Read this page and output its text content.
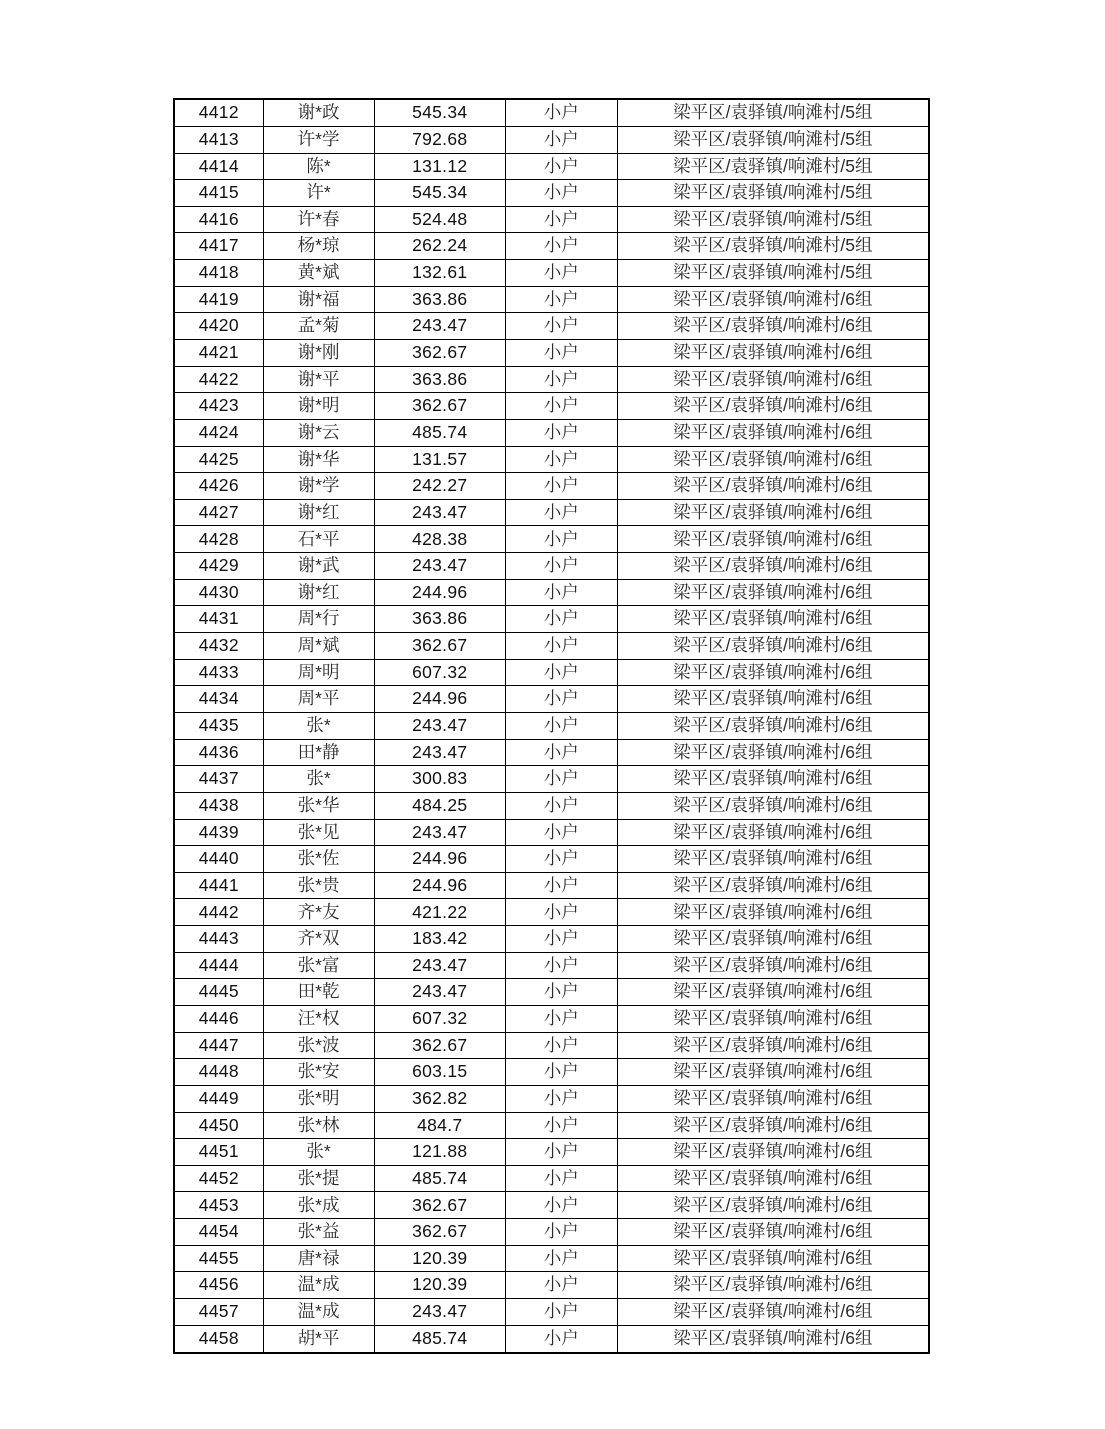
4412	谢*政	545.34	小户	梁平区/袁驿镇/响滩村/5组
4413	许*学	792.68	小户	梁平区/袁驿镇/响滩村/5组
4414	陈*	131.12	小户	梁平区/袁驿镇/响滩村/5组
4415	许*	545.34	小户	梁平区/袁驿镇/响滩村/5组
4416	许*春	524.48	小户	梁平区/袁驿镇/响滩村/5组
4417	杨*琼	262.24	小户	梁平区/袁驿镇/响滩村/5组
4418	黄*斌	132.61	小户	梁平区/袁驿镇/响滩村/5组
4419	谢*福	363.86	小户	梁平区/袁驿镇/响滩村/6组
4420	孟*菊	243.47	小户	梁平区/袁驿镇/响滩村/6组
4421	谢*刚	362.67	小户	梁平区/袁驿镇/响滩村/6组
4422	谢*平	363.86	小户	梁平区/袁驿镇/响滩村/6组
4423	谢*明	362.67	小户	梁平区/袁驿镇/响滩村/6组
4424	谢*云	485.74	小户	梁平区/袁驿镇/响滩村/6组
4425	谢*华	131.57	小户	梁平区/袁驿镇/响滩村/6组
4426	谢*学	242.27	小户	梁平区/袁驿镇/响滩村/6组
4427	谢*红	243.47	小户	梁平区/袁驿镇/响滩村/6组
4428	石*平	428.38	小户	梁平区/袁驿镇/响滩村/6组
4429	谢*武	243.47	小户	梁平区/袁驿镇/响滩村/6组
4430	谢*红	244.96	小户	梁平区/袁驿镇/响滩村/6组
4431	周*行	363.86	小户	梁平区/袁驿镇/响滩村/6组
4432	周*斌	362.67	小户	梁平区/袁驿镇/响滩村/6组
4433	周*明	607.32	小户	梁平区/袁驿镇/响滩村/6组
4434	周*平	244.96	小户	梁平区/袁驿镇/响滩村/6组
4435	张*	243.47	小户	梁平区/袁驿镇/响滩村/6组
4436	田*静	243.47	小户	梁平区/袁驿镇/响滩村/6组
4437	张*	300.83	小户	梁平区/袁驿镇/响滩村/6组
4438	张*华	484.25	小户	梁平区/袁驿镇/响滩村/6组
4439	张*见	243.47	小户	梁平区/袁驿镇/响滩村/6组
4440	张*佐	244.96	小户	梁平区/袁驿镇/响滩村/6组
4441	张*贵	244.96	小户	梁平区/袁驿镇/响滩村/6组
4442	齐*友	421.22	小户	梁平区/袁驿镇/响滩村/6组
4443	齐*双	183.42	小户	梁平区/袁驿镇/响滩村/6组
4444	张*富	243.47	小户	梁平区/袁驿镇/响滩村/6组
4445	田*乾	243.47	小户	梁平区/袁驿镇/响滩村/6组
4446	汪*权	607.32	小户	梁平区/袁驿镇/响滩村/6组
4447	张*波	362.67	小户	梁平区/袁驿镇/响滩村/6组
4448	张*安	603.15	小户	梁平区/袁驿镇/响滩村/6组
4449	张*明	362.82	小户	梁平区/袁驿镇/响滩村/6组
4450	张*林	484.7	小户	梁平区/袁驿镇/响滩村/6组
4451	张*	121.88	小户	梁平区/袁驿镇/响滩村/6组
4452	张*提	485.74	小户	梁平区/袁驿镇/响滩村/6组
4453	张*成	362.67	小户	梁平区/袁驿镇/响滩村/6组
4454	张*益	362.67	小户	梁平区/袁驿镇/响滩村/6组
4455	唐*禄	120.39	小户	梁平区/袁驿镇/响滩村/6组
4456	温*成	120.39	小户	梁平区/袁驿镇/响滩村/6组
4457	温*成	243.47	小户	梁平区/袁驿镇/响滩村/6组
4458	胡*平	485.74	小户	梁平区/袁驿镇/响滩村/6组
